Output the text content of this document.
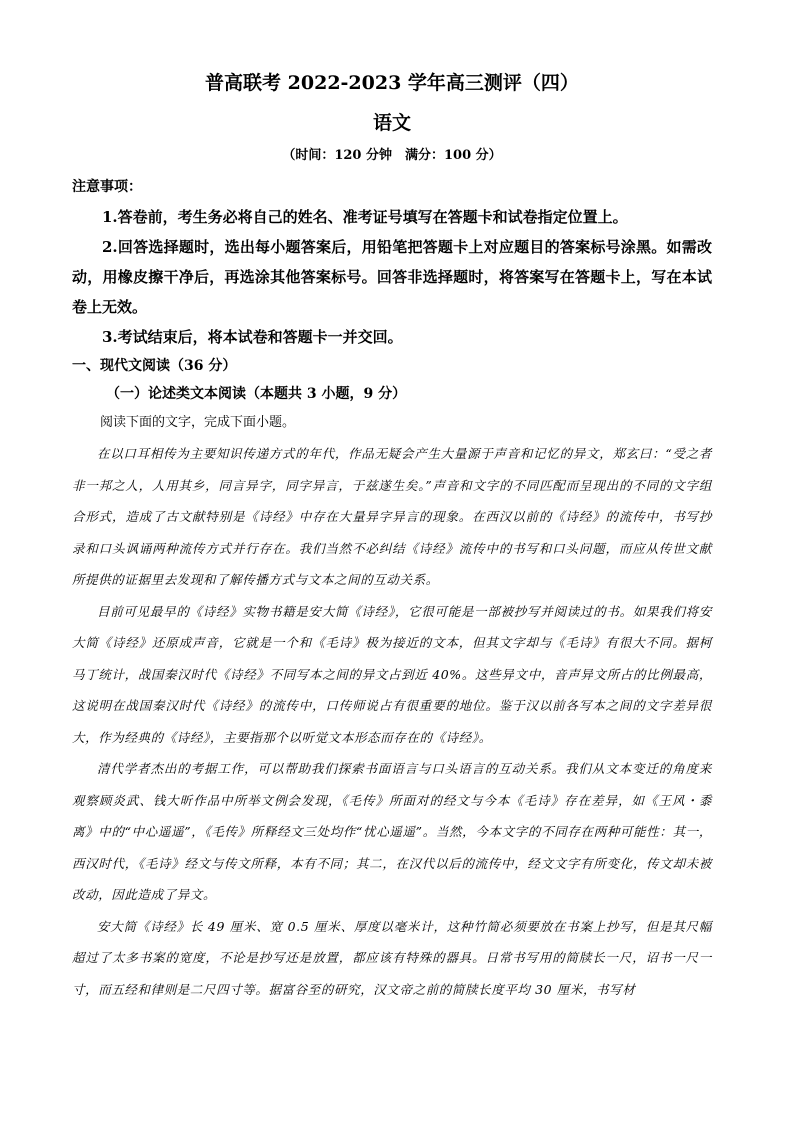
普高联考 2022-2023 学年高三测评（四）
语文
（时间：120 分钟　满分：100 分）
注意事项：

1.答卷前，考生务必将自己的姓名、准考证号填写在答题卡和试卷指定位置上。

2.回答选择题时，选出每小题答案后，用铅笔把答题卡上对应题目的答案标号涂黑。如需改动，用橡皮擦干净后，再选涂其他答案标号。回答非选择题时，将答案写在答题卡上，写在本试卷上无效。

3.考试结束后，将本试卷和答题卡一并交回。

一、现代文阅读（36 分）
（一）论述类文本阅读（本题共 3 小题，9 分）
阅读下面的文字，完成下面小题。

在以口耳相传为主要知识传递方式的年代，作品无疑会产生大量源于声音和记忆的异文，郑玄曰：“受之者非一邦之人，人用其乡，同言异字，同字异言，于兹遂生矣。”声音和文字的不同匹配而呈现出的不同的文字组合形式，造成了古文献特别是《诗经》中存在大量异字异言的现象。在西汉以前的《诗经》的流传中，书写抄录和口头讽诵两种流传方式并行存在。我们当然不必纠结《诗经》流传中的书写和口头问题，而应从传世文献所提供的证据里去发现和了解传播方式与文本之间的互动关系。

目前可见最早的《诗经》实物书籍是安大简《诗经》，它很可能是一部被抄写并阅读过的书。如果我们将安大简《诗经》还原成声音，它就是一个和《毛诗》极为接近的文本，但其文字却与《毛诗》有很大不同。据柯马丁统计，战国秦汉时代《诗经》不同写本之间的异文占到近 40%。这些异文中，音声异文所占的比例最高，这说明在战国秦汉时代《诗经》的流传中，口传师说占有很重要的地位。鉴于汉以前各写本之间的文字差异很大，作为经典的《诗经》，主要指那个以听觉文本形态而存在的《诗经》。

清代学者杰出的考据工作，可以帮助我们探索书面语言与口头语言的互动关系。我们从文本变迁的角度来观察顾炎武、钱大昕作品中所举文例会发现，《毛传》所面对的经文与今本《毛诗》存在差异，如《王风・黍离》中的“中心遥遥”，《毛传》所释经文三处均作“忧心遥遥”。当然，今本文字的不同存在两种可能性：其一，西汉时代，《毛诗》经文与传文所释，本有不同；其二，在汉代以后的流传中，经文文字有所变化，传文却未被改动，因此造成了异文。

安大简《诗经》长 49 厘米、宽 0.5 厘米、厚度以毫米计，这种竹简必须要放在书案上抄写，但是其尺幅超过了太多书案的宽度，不论是抄写还是放置，都应该有特殊的器具。日常书写用的简牍长一尺，诏书一尺一寸，而五经和律则是二尺四寸等。据富谷至的研究，汉文帝之前的简牍长度平均 30 厘米，书写材
